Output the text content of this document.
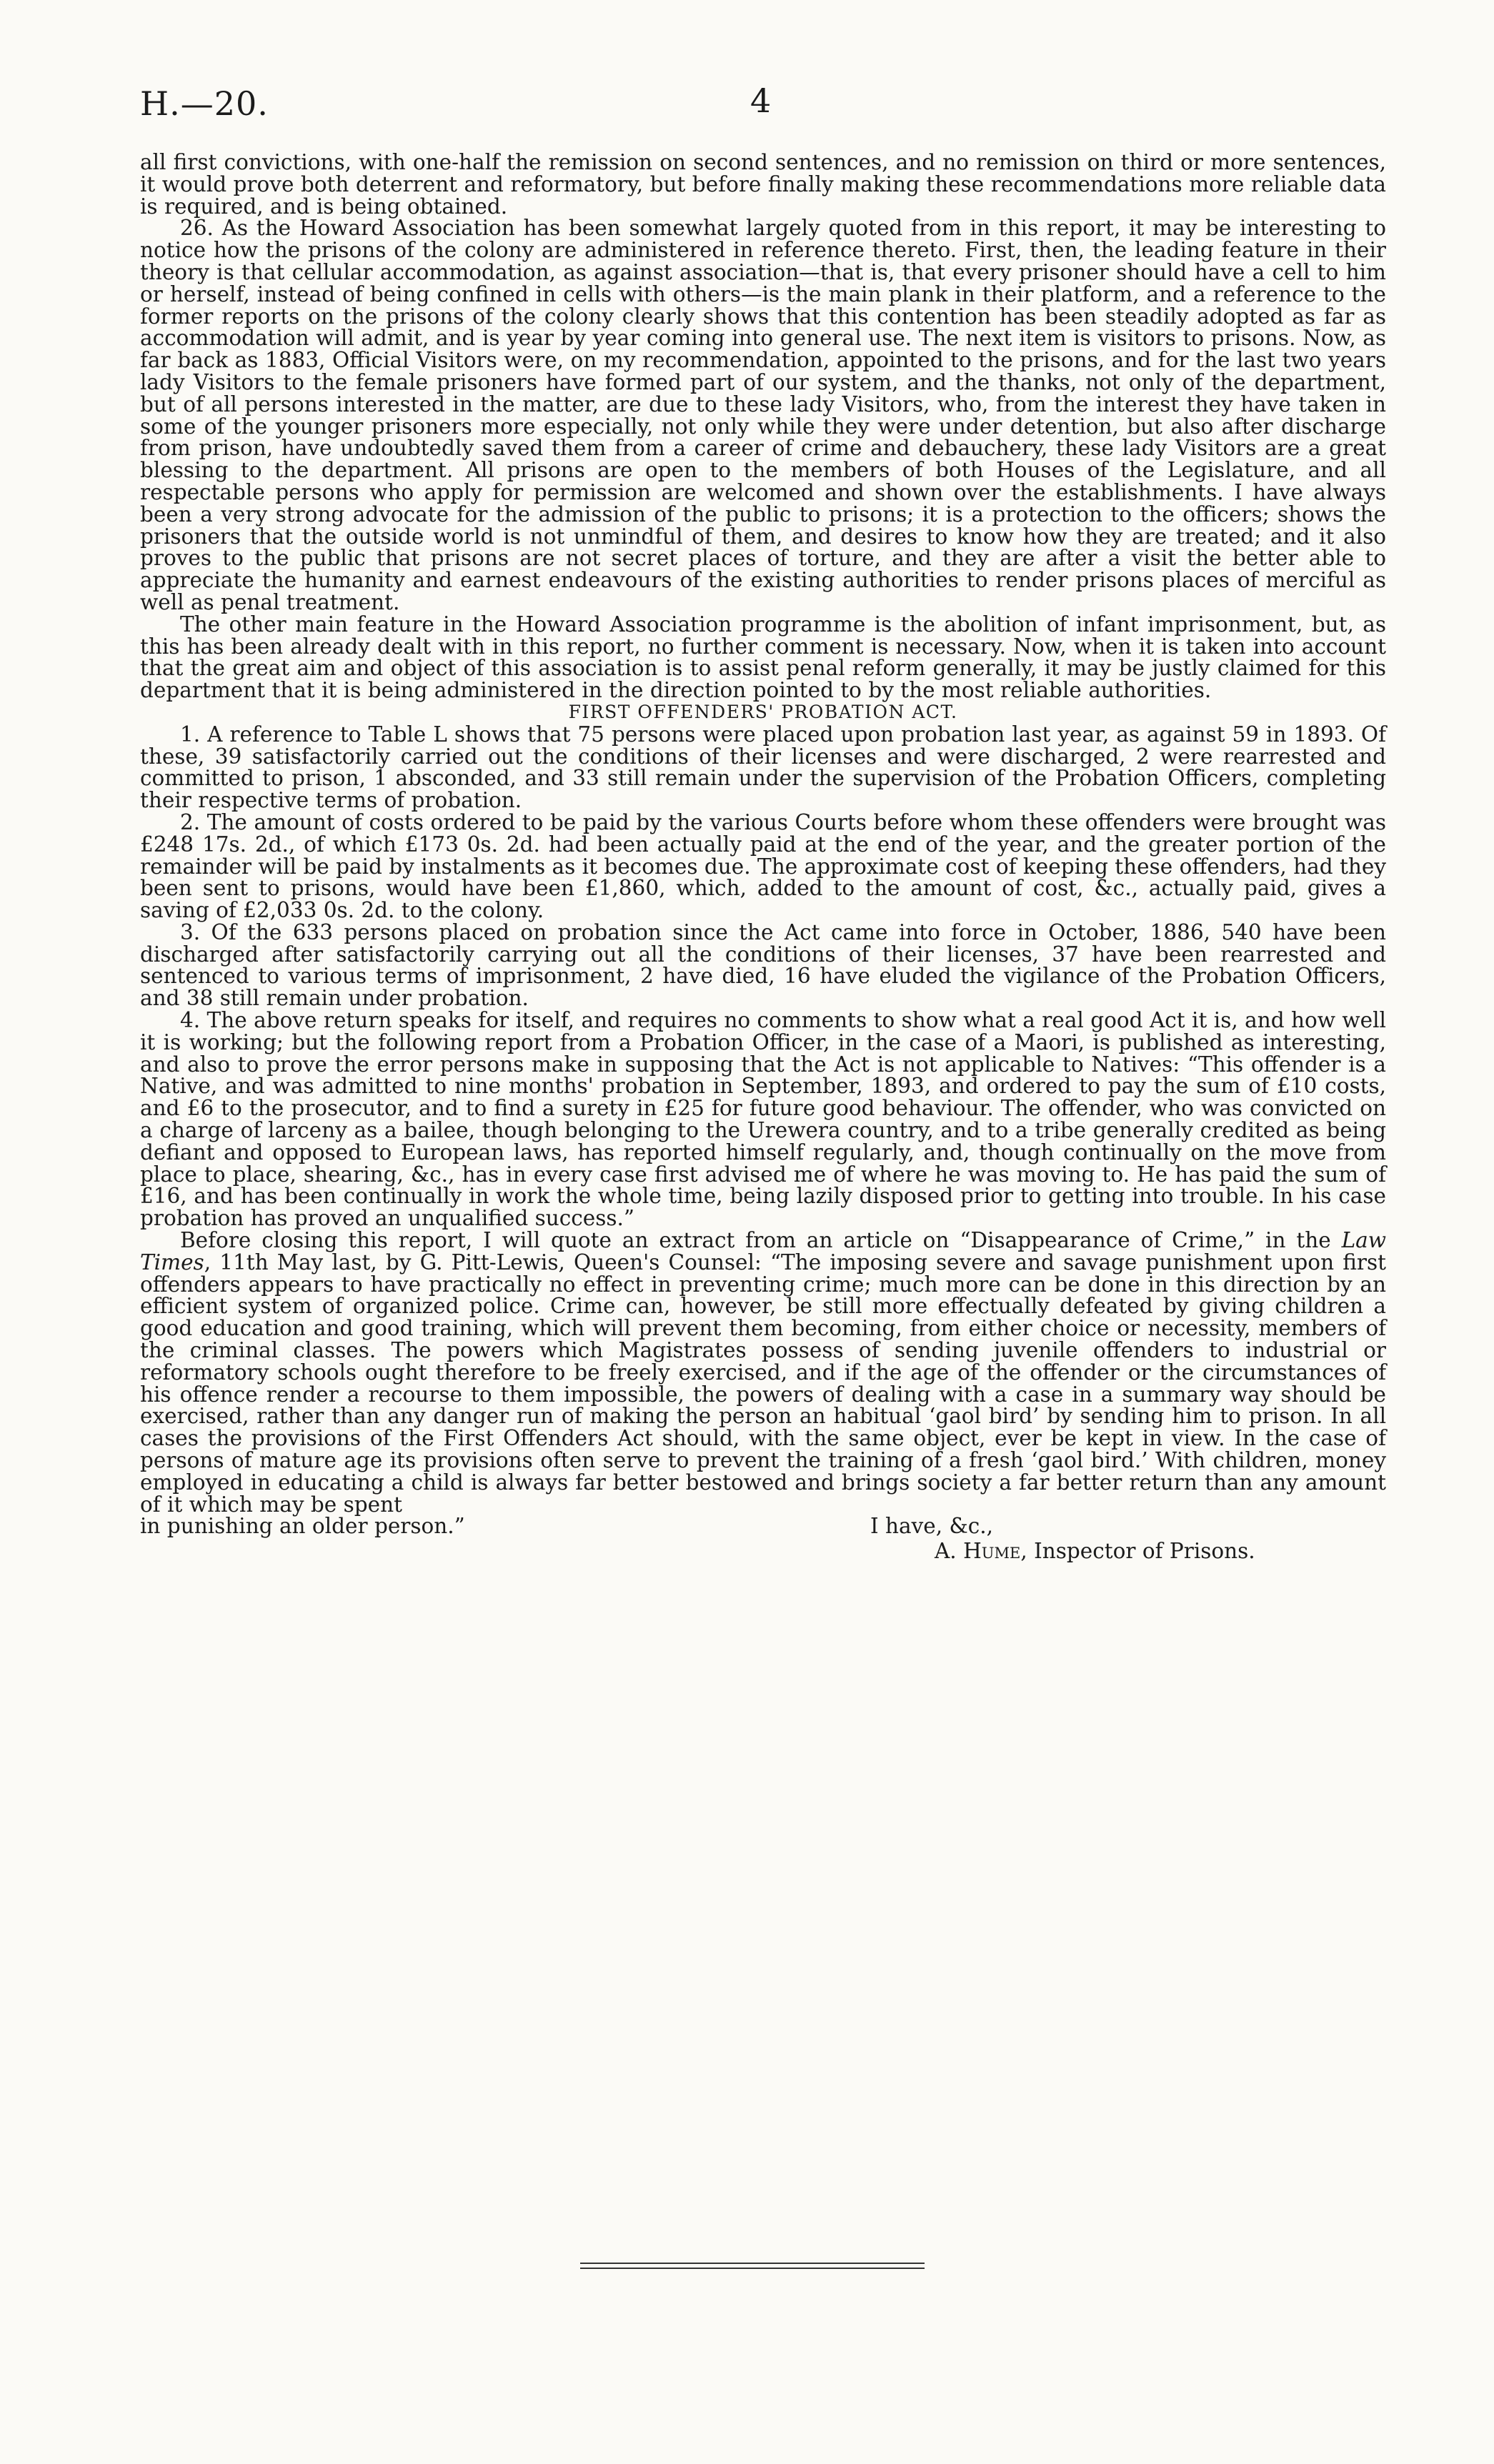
H.—20.	4

all first convictions, with one-half the remission on second sentences, and no remission on third or more sentences, it would prove both deterrent and reformatory, but before finally making these recommendations more reliable data is required, and is being obtained.

26. As the Howard Association has been somewhat largely quoted from in this report, it may be interesting to notice how the prisons of the colony are administered in reference thereto. First, then, the leading feature in their theory is that cellular accommodation, as against association—that is, that every prisoner should have a cell to him or herself, instead of being confined in cells with others—is the main plank in their platform, and a reference to the former reports on the prisons of the colony clearly shows that this contention has been steadily adopted as far as accommodation will admit, and is year by year coming into general use. The next item is visitors to prisons. Now, as far back as 1883, Official Visitors were, on my recommendation, appointed to the prisons, and for the last two years lady Visitors to the female prisoners have formed part of our system, and the thanks, not only of the department, but of all persons interested in the matter, are due to these lady Visitors, who, from the interest they have taken in some of the younger prisoners more especially, not only while they were under detention, but also after discharge from prison, have undoubtedly saved them from a career of crime and debauchery, these lady Visitors are a great blessing to the department. All prisons are open to the members of both Houses of the Legislature, and all respectable persons who apply for permission are welcomed and shown over the establishments. I have always been a very strong advocate for the admission of the public to prisons; it is a protection to the officers; shows the prisoners that the outside world is not unmindful of them, and desires to know how they are treated; and it also proves to the public that prisons are not secret places of torture, and they are after a visit the better able to appreciate the humanity and earnest endeavours of the existing authorities to render prisons places of merciful as well as penal treatment.

The other main feature in the Howard Association programme is the abolition of infant imprisonment, but, as this has been already dealt with in this report, no further comment is necessary. Now, when it is taken into account that the great aim and object of this association is to assist penal reform generally, it may be justly claimed for this department that it is being administered in the direction pointed to by the most reliable authorities.

FIRST OFFENDERS' PROBATION ACT.

1. A reference to Table L shows that 75 persons were placed upon probation last year, as against 59 in 1893. Of these, 39 satisfactorily carried out the conditions of their licenses and were discharged, 2 were rearrested and committed to prison, 1 absconded, and 33 still remain under the supervision of the Probation Officers, completing their respective terms of probation.

2. The amount of costs ordered to be paid by the various Courts before whom these offenders were brought was £248 17s. 2d., of which £173 0s. 2d. had been actually paid at the end of the year, and the greater portion of the remainder will be paid by instalments as it becomes due. The approximate cost of keeping these offenders, had they been sent to prisons, would have been £1,860, which, added to the amount of cost, &c., actually paid, gives a saving of £2,033 0s. 2d. to the colony.

3. Of the 633 persons placed on probation since the Act came into force in October, 1886, 540 have been discharged after satisfactorily carrying out all the conditions of their licenses, 37 have been rearrested and sentenced to various terms of imprisonment, 2 have died, 16 have eluded the vigilance of the Probation Officers, and 38 still remain under probation.

4. The above return speaks for itself, and requires no comments to show what a real good Act it is, and how well it is working; but the following report from a Probation Officer, in the case of a Maori, is published as interesting, and also to prove the error persons make in supposing that the Act is not applicable to Natives: “This offender is a Native, and was admitted to nine months' probation in September, 1893, and ordered to pay the sum of £10 costs, and £6 to the prosecutor, and to find a surety in £25 for future good behaviour. The offender, who was convicted on a charge of larceny as a bailee, though belonging to the Urewera country, and to a tribe generally credited as being defiant and opposed to European laws, has reported himself regularly, and, though continually on the move from place to place, shearing, &c., has in every case first advised me of where he was moving to. He has paid the sum of £16, and has been continually in work the whole time, being lazily disposed prior to getting into trouble. In his case probation has proved an unqualified success.”

Before closing this report, I will quote an extract from an article on “Disappearance of Crime,” in the Law Times, 11th May last, by G. Pitt-Lewis, Queen's Counsel: “The imposing severe and savage punishment upon first offenders appears to have practically no effect in preventing crime; much more can be done in this direction by an efficient system of organized police. Crime can, however, be still more effectually defeated by giving children a good education and good training, which will prevent them becoming, from either choice or necessity, members of the criminal classes. The powers which Magistrates possess of sending juvenile offenders to industrial or reformatory schools ought therefore to be freely exercised, and if the age of the offender or the circumstances of his offence render a recourse to them impossible, the powers of dealing with a case in a summary way should be exercised, rather than any danger run of making the person an habitual ‘gaol bird’ by sending him to prison. In all cases the provisions of the First Offenders Act should, with the same object, ever be kept in view. In the case of persons of mature age its provisions often serve to prevent the training of a fresh ‘gaol bird.’ With children, money employed in educating a child is always far better bestowed and brings society a far better return than any amount of it which may be spent

in punishing an older person.”	I have, &c.,
A. Hume, Inspector of Prisons.
